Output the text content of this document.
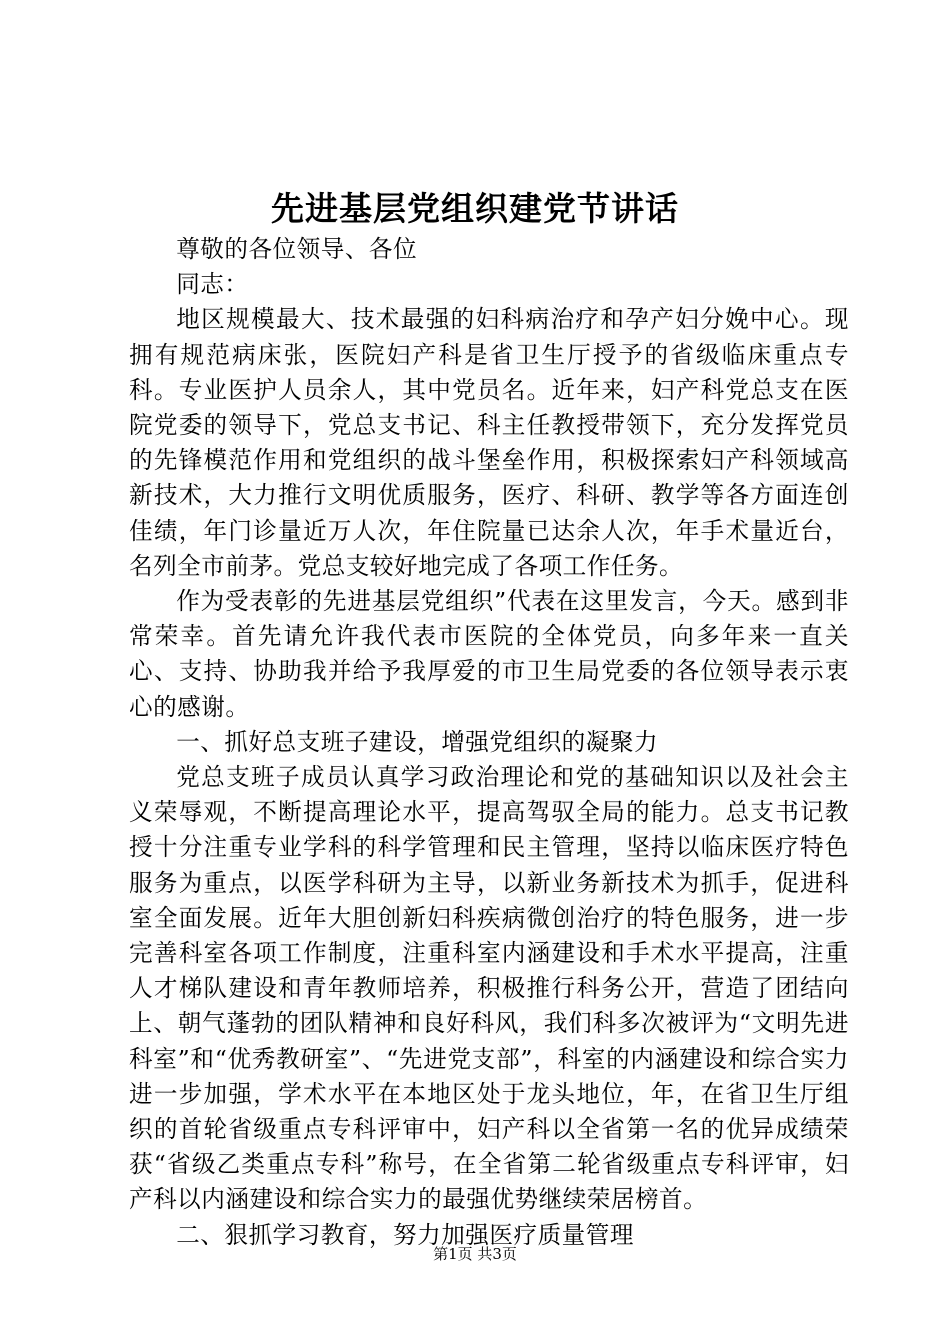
先进基层党组织建党节讲话

尊敬的各位领导、各位

同志：

地区规模最大、技术最强的妇科病治疗和孕产妇分娩中心。现拥有规范病床张，医院妇产科是省卫生厅授予的省级临床重点专科。专业医护人员余人，其中党员名。近年来，妇产科党总支在医院党委的领导下，党总支书记、科主任教授带领下，充分发挥党员的先锋模范作用和党组织的战斗堡垒作用，积极探索妇产科领域高新技术，大力推行文明优质服务，医疗、科研、教学等各方面连创佳绩，年门诊量近万人次，年住院量已达余人次，年手术量近台，名列全市前茅。党总支较好地完成了各项工作任务。

作为受表彰的先进基层党组织”代表在这里发言，今天。感到非常荣幸。首先请允许我代表市医院的全体党员，向多年来一直关心、支持、协助我并给予我厚爱的市卫生局党委的各位领导表示衷心的感谢。

一、抓好总支班子建设，增强党组织的凝聚力

党总支班子成员认真学习政治理论和党的基础知识以及社会主义荣辱观，不断提高理论水平，提高驾驭全局的能力。总支书记教授十分注重专业学科的科学管理和民主管理，坚持以临床医疗特色服务为重点，以医学科研为主导，以新业务新技术为抓手，促进科室全面发展。近年大胆创新妇科疾病微创治疗的特色服务，进一步完善科室各项工作制度，注重科室内涵建设和手术水平提高，注重人才梯队建设和青年教师培养，积极推行科务公开，营造了团结向上、朝气蓬勃的团队精神和良好科风，我们科多次被评为“文明先进科室”和“优秀教研室”、“先进党支部”，科室的内涵建设和综合实力进一步加强，学术水平在本地区处于龙头地位，年，在省卫生厅组织的首轮省级重点专科评审中，妇产科以全省第一名的优异成绩荣获“省级乙类重点专科”称号，在全省第二轮省级重点专科评审，妇产科以内涵建设和综合实力的最强优势继续荣居榜首。

二、狠抓学习教育，努力加强医疗质量管理

第1页 共3页
